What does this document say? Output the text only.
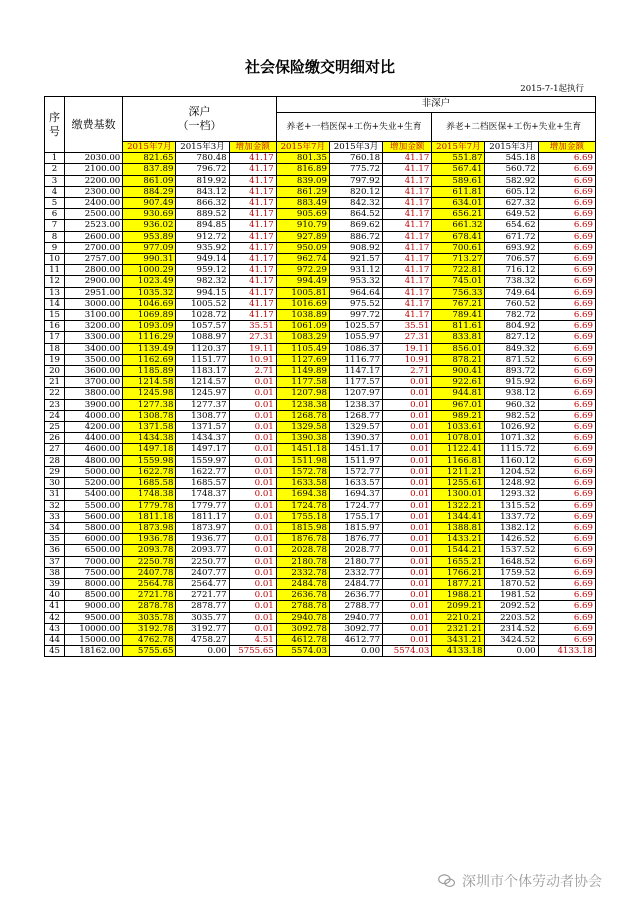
社会保险缴交明细对比
2015-7-1起执行
序号	缴费基数	深户
（一档）			非深户					
					养老+一档医保+工伤+失业+生育			养老+二档医保+工伤+失业+生育		
		2015年7月	2015年3月	增加金额	2015年7月	2015年3月	增加金额	2015年7月	2015年3月	增加金额
1	2030.00	821.65	780.48	41.17	801.35	760.18	41.17	551.87	545.18	6.69
2	2100.00	837.89	796.72	41.17	816.89	775.72	41.17	567.41	560.72	6.69
3	2200.00	861.09	819.92	41.17	839.09	797.92	41.17	589.61	582.92	6.69
4	2300.00	884.29	843.12	41.17	861.29	820.12	41.17	611.81	605.12	6.69
5	2400.00	907.49	866.32	41.17	883.49	842.32	41.17	634.01	627.32	6.69
6	2500.00	930.69	889.52	41.17	905.69	864.52	41.17	656.21	649.52	6.69
7	2523.00	936.02	894.85	41.17	910.79	869.62	41.17	661.32	654.62	6.69
8	2600.00	953.89	912.72	41.17	927.89	886.72	41.17	678.41	671.72	6.69
9	2700.00	977.09	935.92	41.17	950.09	908.92	41.17	700.61	693.92	6.69
10	2757.00	990.31	949.14	41.17	962.74	921.57	41.17	713.27	706.57	6.69
11	2800.00	1000.29	959.12	41.17	972.29	931.12	41.17	722.81	716.12	6.69
12	2900.00	1023.49	982.32	41.17	994.49	953.32	41.17	745.01	738.32	6.69
13	2951.00	1035.32	994.15	41.17	1005.81	964.64	41.17	756.33	749.64	6.69
14	3000.00	1046.69	1005.52	41.17	1016.69	975.52	41.17	767.21	760.52	6.69
15	3100.00	1069.89	1028.72	41.17	1038.89	997.72	41.17	789.41	782.72	6.69
16	3200.00	1093.09	1057.57	35.51	1061.09	1025.57	35.51	811.61	804.92	6.69
17	3300.00	1116.29	1088.97	27.31	1083.29	1055.97	27.31	833.81	827.12	6.69
18	3400.00	1139.49	1120.37	19.11	1105.49	1086.37	19.11	856.01	849.32	6.69
19	3500.00	1162.69	1151.77	10.91	1127.69	1116.77	10.91	878.21	871.52	6.69
20	3600.00	1185.89	1183.17	2.71	1149.89	1147.17	2.71	900.41	893.72	6.69
21	3700.00	1214.58	1214.57	0.01	1177.58	1177.57	0.01	922.61	915.92	6.69
22	3800.00	1245.98	1245.97	0.01	1207.98	1207.97	0.01	944.81	938.12	6.69
23	3900.00	1277.38	1277.37	0.01	1238.38	1238.37	0.01	967.01	960.32	6.69
24	4000.00	1308.78	1308.77	0.01	1268.78	1268.77	0.01	989.21	982.52	6.69
25	4200.00	1371.58	1371.57	0.01	1329.58	1329.57	0.01	1033.61	1026.92	6.69
26	4400.00	1434.38	1434.37	0.01	1390.38	1390.37	0.01	1078.01	1071.32	6.69
27	4600.00	1497.18	1497.17	0.01	1451.18	1451.17	0.01	1122.41	1115.72	6.69
28	4800.00	1559.98	1559.97	0.01	1511.98	1511.97	0.01	1166.81	1160.12	6.69
29	5000.00	1622.78	1622.77	0.01	1572.78	1572.77	0.01	1211.21	1204.52	6.69
30	5200.00	1685.58	1685.57	0.01	1633.58	1633.57	0.01	1255.61	1248.92	6.69
31	5400.00	1748.38	1748.37	0.01	1694.38	1694.37	0.01	1300.01	1293.32	6.69
32	5500.00	1779.78	1779.77	0.01	1724.78	1724.77	0.01	1322.21	1315.52	6.69
33	5600.00	1811.18	1811.17	0.01	1755.18	1755.17	0.01	1344.41	1337.72	6.69
34	5800.00	1873.98	1873.97	0.01	1815.98	1815.97	0.01	1388.81	1382.12	6.69
35	6000.00	1936.78	1936.77	0.01	1876.78	1876.77	0.01	1433.21	1426.52	6.69
36	6500.00	2093.78	2093.77	0.01	2028.78	2028.77	0.01	1544.21	1537.52	6.69
37	7000.00	2250.78	2250.77	0.01	2180.78	2180.77	0.01	1655.21	1648.52	6.69
38	7500.00	2407.78	2407.77	0.01	2332.78	2332.77	0.01	1766.21	1759.52	6.69
39	8000.00	2564.78	2564.77	0.01	2484.78	2484.77	0.01	1877.21	1870.52	6.69
40	8500.00	2721.78	2721.77	0.01	2636.78	2636.77	0.01	1988.21	1981.52	6.69
41	9000.00	2878.78	2878.77	0.01	2788.78	2788.77	0.01	2099.21	2092.52	6.69
42	9500.00	3035.78	3035.77	0.01	2940.78	2940.77	0.01	2210.21	2203.52	6.69
43	10000.00	3192.78	3192.77	0.01	3092.78	3092.77	0.01	2321.21	2314.52	6.69
44	15000.00	4762.78	4758.27	4.51	4612.78	4612.77	0.01	3431.21	3424.52	6.69
45	18162.00	5755.65	0.00	5755.65	5574.03	0.00	5574.03	4133.18	0.00	4133.18
深圳市个体劳动者协会
